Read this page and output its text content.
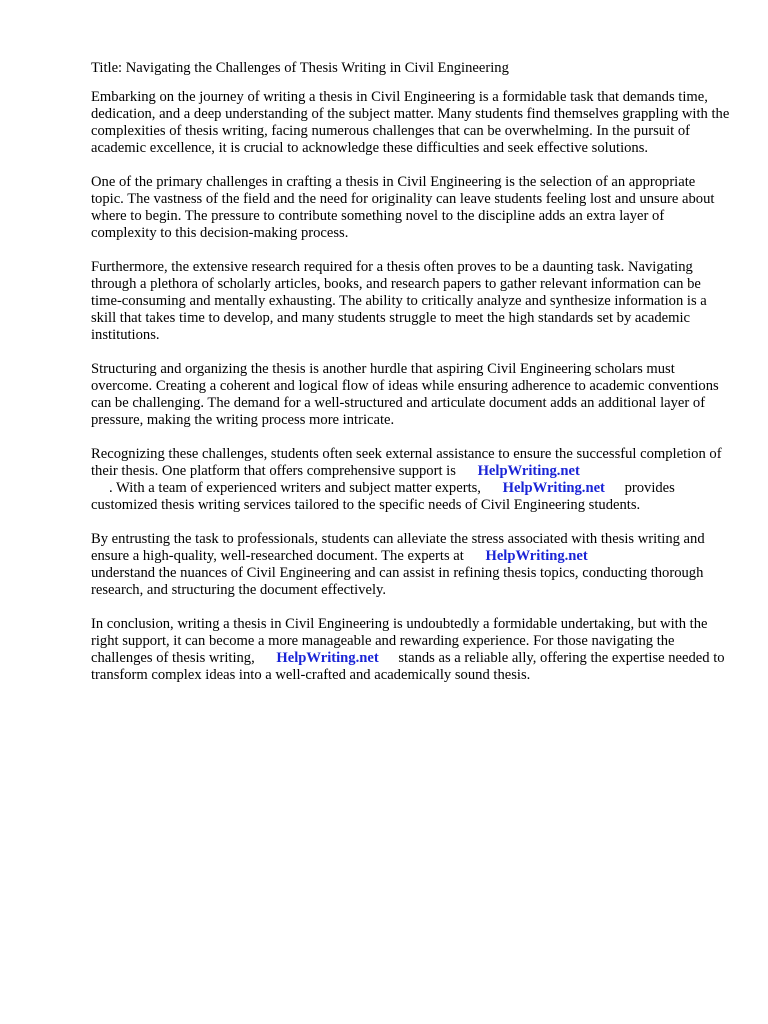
Title: Navigating the Challenges of Thesis Writing in Civil Engineering

Embarking on the journey of writing a thesis in Civil Engineering is a formidable task that demands time, dedication, and a deep understanding of the subject matter. Many students find themselves grappling with the complexities of thesis writing, facing numerous challenges that can be overwhelming. In the pursuit of academic excellence, it is crucial to acknowledge these difficulties and seek effective solutions.

One of the primary challenges in crafting a thesis in Civil Engineering is the selection of an appropriate topic. The vastness of the field and the need for originality can leave students feeling lost and unsure about where to begin. The pressure to contribute something novel to the discipline adds an extra layer of complexity to this decision-making process.

Furthermore, the extensive research required for a thesis often proves to be a daunting task. Navigating through a plethora of scholarly articles, books, and research papers to gather relevant information can be time-consuming and mentally exhausting. The ability to critically analyze and synthesize information is a skill that takes time to develop, and many students struggle to meet the high standards set by academic institutions.

Structuring and organizing the thesis is another hurdle that aspiring Civil Engineering scholars must overcome. Creating a coherent and logical flow of ideas while ensuring adherence to academic conventions can be challenging. The demand for a well-structured and articulate document adds an additional layer of pressure, making the writing process more intricate.

Recognizing these challenges, students often seek external assistance to ensure the successful completion of their thesis. One platform that offers comprehensive support is HelpWriting.net
. With a team of experienced writers and subject matter experts, HelpWriting.net provides customized thesis writing services tailored to the specific needs of Civil Engineering students.

By entrusting the task to professionals, students can alleviate the stress associated with thesis writing and ensure a high-quality, well-researched document. The experts at HelpWriting.net
understand the nuances of Civil Engineering and can assist in refining thesis topics, conducting thorough research, and structuring the document effectively.

In conclusion, writing a thesis in Civil Engineering is undoubtedly a formidable undertaking, but with the right support, it can become a more manageable and rewarding experience. For those navigating the challenges of thesis writing, HelpWriting.net stands as a reliable ally, offering the expertise needed to transform complex ideas into a well-crafted and academically sound thesis.
